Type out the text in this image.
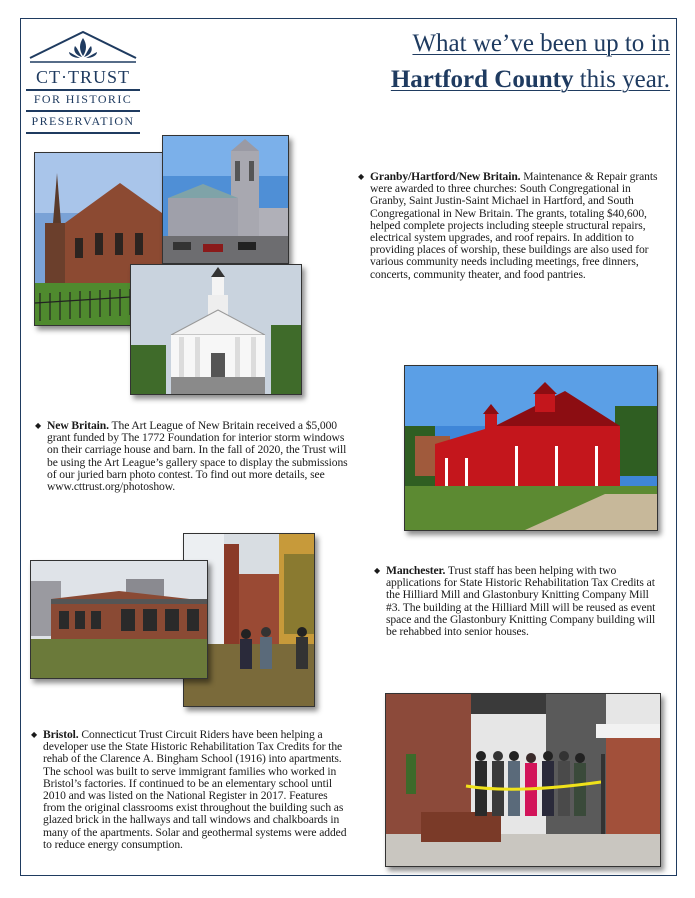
CT·TRUST
FOR HISTORIC
PRESERVATION
What we’ve been up to in
Hartford County this year.
◆ Granby/Hartford/New Britain. Maintenance & Repair grants were awarded to three churches: South Congregational in Granby, Saint Justin-Saint Michael in Hartford, and South Congregational in New Britain. The grants, totaling $40,600, helped complete projects including steeple structural repairs, electrical system upgrades, and roof repairs. In addition to providing places of worship, these buildings are also used for various community needs including meetings, free dinners, concerts, community theater, and food pantries.
◆ New Britain. The Art League of New Britain received a $5,000 grant funded by The 1772 Foundation for interior storm windows on their carriage house and barn. In the fall of 2020, the Trust will be using the Art League’s gallery space to display the submissions of our juried barn photo contest. To find out more details, see www.cttrust.org/photoshow.
◆ Manchester. Trust staff has been helping with two applications for State Historic Rehabilitation Tax Credits at the Hilliard Mill and Glastonbury Knitting Company Mill #3. The building at the Hilliard Mill will be reused as event space and the Glastonbury Knitting Company building will be rehabbed into senior houses.
◆ Bristol. Connecticut Trust Circuit Riders have been helping a developer use the State Historic Rehabilitation Tax Credits for the rehab of the Clarence A. Bingham School (1916) into apartments. The school was built to serve immigrant families who worked in Bristol’s factories. If continued to be an elementary school until 2010 and was listed on the National Register in 2017. Features from the original classrooms exist throughout the building such as glazed brick in the hallways and tall windows and chalkboards in many of the apartments. Solar and geothermal systems were added to reduce energy consumption.
